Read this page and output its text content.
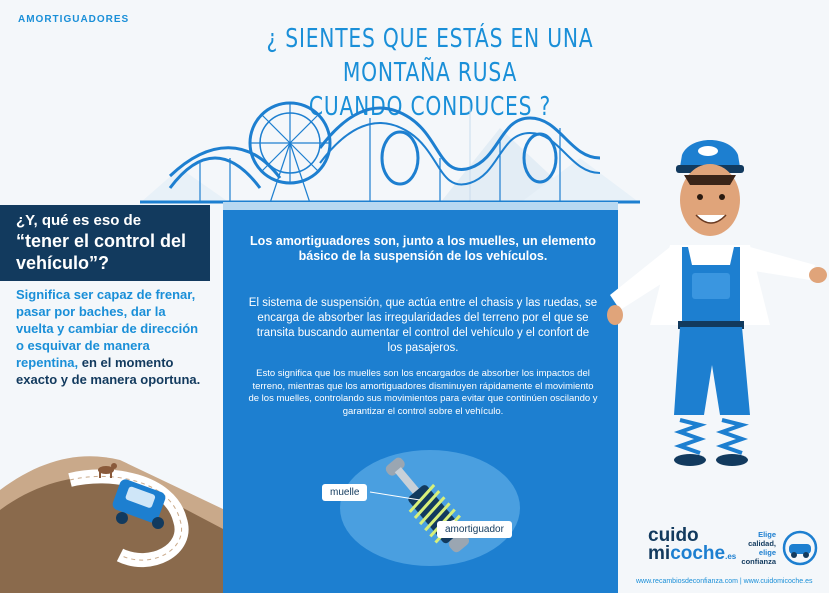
AMORTIGUADORES
¿ SIENTES QUE ESTÁS EN UNA MONTAÑA RUSA
CUANDO CONDUCES ?
¿Y, qué es eso de
“tener el control del vehículo”?
Significa ser capaz de frenar, pasar por baches, dar la vuelta y cambiar de dirección o esquivar de manera repentina, en el momento exacto y de manera oportuna.
Los amortiguadores son, junto a los muelles, un elemento básico de la suspensión de los vehículos.
El sistema de suspensión, que actúa entre el chasis y las ruedas, se encarga de absorber las irregularidades del terreno por el que se transita buscando aumentar el control del vehículo y el confort de los pasajeros.
Esto significa que los muelles son los encargados de absorber los impactos del terreno, mientras que los amortiguadores disminuyen rápidamente el movimiento de los muelles, controlando sus movimientos para evitar que continúen oscilando y garantizar el control sobre el vehículo.
muelle
amortiguador	cuido
micoche.es
Elige
calidad,
elige
confianza
www.recambiosdeconfianza.com | www.cuidomicoche.es
